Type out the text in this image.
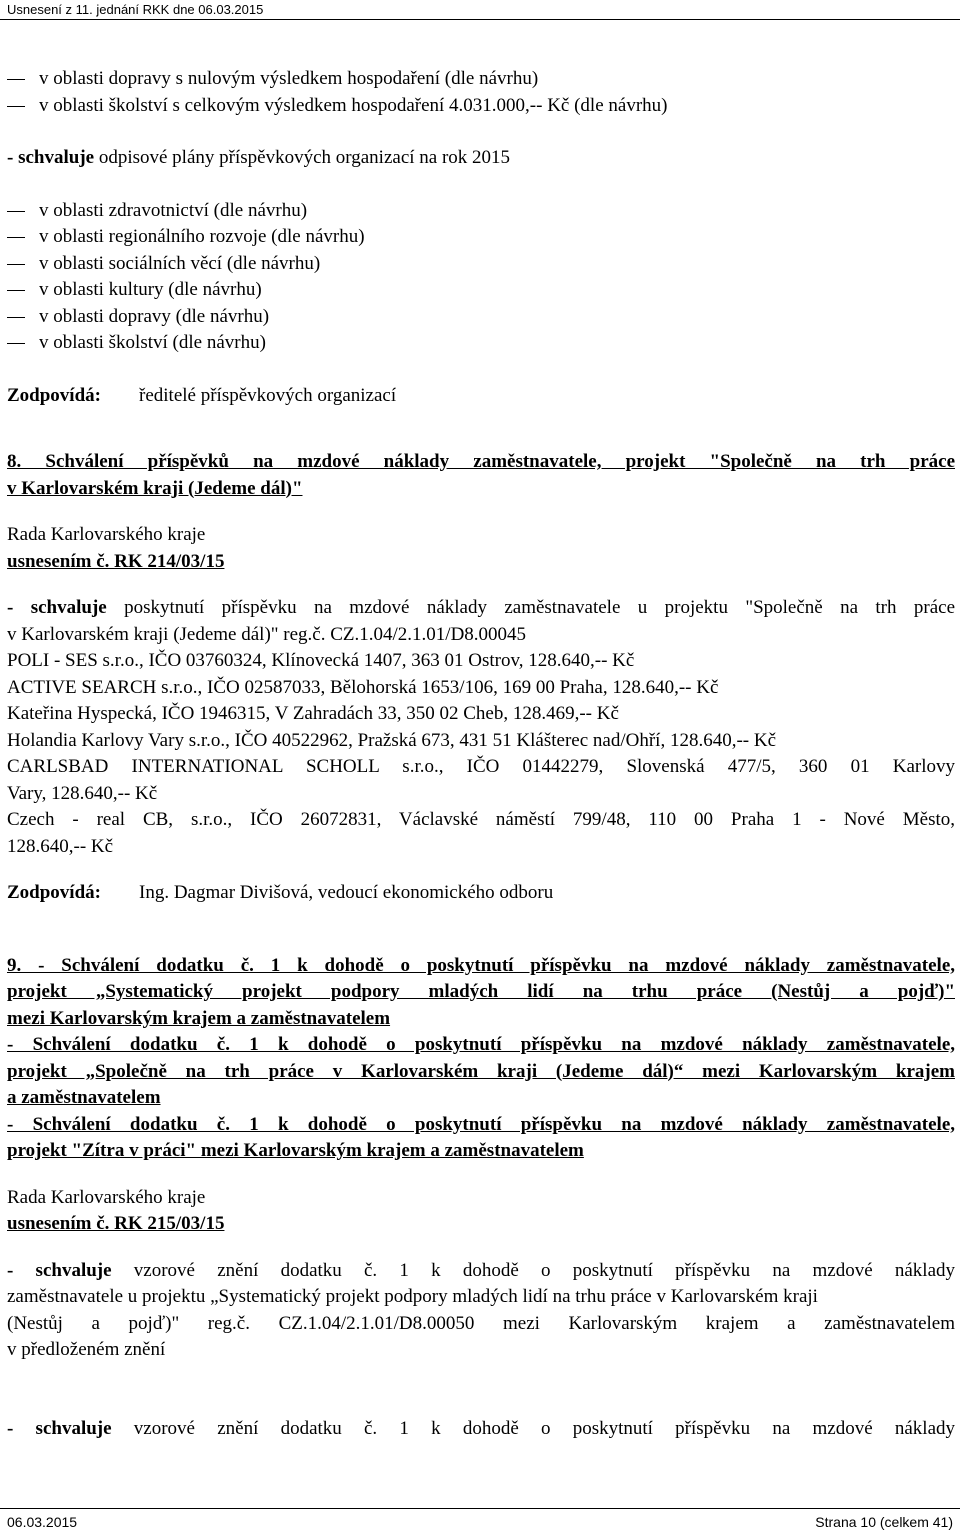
Usnesení z 11. jednání RKK dne 06.03.2015
v oblasti dopravy s nulovým výsledkem hospodaření (dle návrhu)
v oblasti školství s celkovým výsledkem hospodaření 4.031.000,-- Kč (dle návrhu)
- schvaluje odpisové plány příspěvkových organizací na rok 2015
v oblasti zdravotnictví (dle návrhu)
v oblasti regionálního rozvoje (dle návrhu)
v oblasti sociálních věcí (dle návrhu)
v oblasti kultury (dle návrhu)
v oblasti dopravy (dle návrhu)
v oblasti školství (dle návrhu)
Zodpovídá:	ředitelé příspěvkových organizací
8. Schválení příspěvků na mzdové náklady zaměstnavatele, projekt "Společně na trh práce
v Karlovarském kraji (Jedeme dál)"
Rada Karlovarského kraje
usnesením č. RK 214/03/15
- schvaluje poskytnutí příspěvku na mzdové náklady zaměstnavatele u projektu "Společně na trh práce
v Karlovarském kraji (Jedeme dál)" reg.č. CZ.1.04/2.1.01/D8.00045
POLI - SES s.r.o., IČO 03760324, Klínovecká 1407, 363 01 Ostrov, 128.640,-- Kč
ACTIVE SEARCH s.r.o., IČO 02587033, Bělohorská 1653/106, 169 00 Praha, 128.640,-- Kč
Kateřina Hyspecká, IČO 1946315, V Zahradách 33, 350 02 Cheb, 128.469,-- Kč
Holandia Karlovy Vary s.r.o., IČO 40522962, Pražská 673, 431 51 Klášterec nad/Ohří, 128.640,-- Kč
CARLSBAD INTERNATIONAL SCHOLL s.r.o., IČO 01442279, Slovenská 477/5, 360 01 Karlovy
Vary, 128.640,-- Kč
Czech - real CB, s.r.o., IČO 26072831, Václavské náměstí 799/48, 110 00 Praha 1 - Nové Město,
128.640,-- Kč
Zodpovídá:	Ing. Dagmar Divišová, vedoucí ekonomického odboru
9. - Schválení dodatku č. 1 k dohodě o poskytnutí příspěvku na mzdové náklady zaměstnavatele,
projekt „Systematický projekt podpory mladých lidí na trhu práce (Nestůj a pojď)"
mezi Karlovarským krajem a zaměstnavatelem
- Schválení dodatku č. 1 k dohodě o poskytnutí příspěvku na mzdové náklady zaměstnavatele,
projekt „Společně na trh práce v Karlovarském kraji (Jedeme dál)“ mezi Karlovarským krajem
a zaměstnavatelem
- Schválení dodatku č. 1 k dohodě o poskytnutí příspěvku na mzdové náklady zaměstnavatele,
projekt "Zítra v práci" mezi Karlovarským krajem a zaměstnavatelem
Rada Karlovarského kraje
usnesením č. RK 215/03/15
- schvaluje vzorové znění dodatku č. 1 k dohodě o poskytnutí příspěvku na mzdové náklady
zaměstnavatele u projektu „Systematický projekt podpory mladých lidí na trhu práce v Karlovarském kraji
(Nestůj a pojď)" reg.č. CZ.1.04/2.1.01/D8.00050 mezi Karlovarským krajem a zaměstnavatelem
v předloženém znění
- schvaluje vzorové znění dodatku č. 1 k dohodě o poskytnutí příspěvku na mzdové náklady
06.03.2015	Strana 10 (celkem 41)
